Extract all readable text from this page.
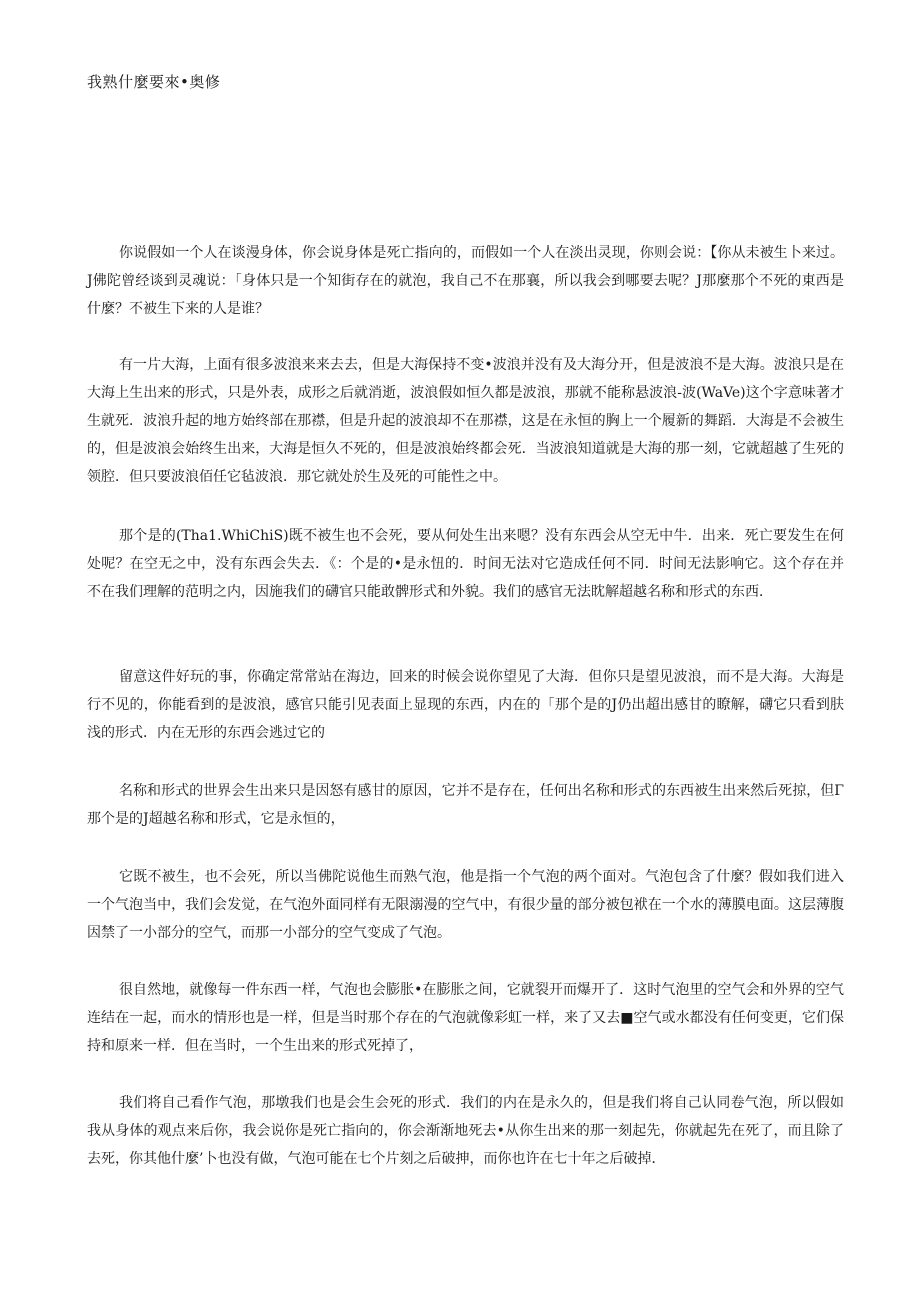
我熟什麼要來•奥修

你说假如一个人在谈漫身体，你会说身体是死亡指向的，而假如一个人在淡出灵现，你则会说：【你从未被生卜来过。J佛陀曾经谈到灵魂说：「身体只是一个知街存在的就泡，我自己不在那襄，所以我会到哪要去呢？J那麼那个不死的東西是什麼？不被生下来的人是谁？

有一片大海，上面有很多波浪来来去去，但是大海保持不变•波浪并没有及大海分开，但是波浪不是大海。波浪只是在大海上生出来的形式，只是外表，成形之后就消逝，波浪假如恒久都是波浪，那就不能称悬波浪-波(WaVe)这个字意味著才生就死．波浪升起的地方始终部在那襟，但是升起的波浪却不在那襟，这是在永恒的胸上一个履新的舞蹈．大海是不会被生的，但是波浪会始终生出来，大海是恒久不死的，但是波浪始终都会死．当波浪知道就是大海的那一刻，它就超越了生死的领腔．但只要波浪佰任它毡波浪．那它就处於生及死的可能性之中。

那个是的(Tha1.WhiChiS)既不被生也不会死，要从何处生出来嗯？没有东西会从空无中牛．出来．死亡要发生在何处呢？在空无之中，没有东西会失去．《：个是的•是永忸的．时间无法对它造成任何不同．时间无法影响它。这个存在并不在我们理解的范明之内，因施我们的礴官只能敢髀形式和外貌。我们的感官无法眈解超越名称和形式的东西．

留意这件好玩的事，你确定常常站在海边，回来的时候会说你望见了大海．但你只是望见波浪，而不是大海。大海是行不见的，你能看到的是波浪，感官只能引见表面上显现的东西，内在的「那个是的J仍出超出感甘的瞭解，礴它只看到肤浅的形式．内在无形的东西会逃过它的

名称和形式的世界会生出来只是因怒有感甘的原因，它并不是存在，任何出名称和形式的东西被生出来然后死掠，但Γ那个是的J超越名称和形式，它是永恒的，

它既不被生，也不会死，所以当佛陀说他生而熟气泡，他是指一个气泡的两个面对。气泡包含了什麼？假如我们进入一个气泡当中，我们会发觉，在气泡外面同样有无限溺漫的空气中，有很少量的部分被包袱在一个水的薄膜电面。这层薄腹因禁了一小部分的空气，而那一小部分的空气变成了气泡。

很自然地，就像每一件东西一样，气泡也会膨胀•在膨胀之间，它就裂开而爆开了．这时气泡里的空气会和外界的空气连结在一起，而水的情形也是一样，但是当时那个存在的气泡就像彩虹一样，来了又去■空气或水都没有任何变更，它们保持和原来一样．但在当时，一个生出来的形式死掉了，

我们将自己看作气泡，那墩我们也是会生会死的形式．我们的内在是永久的，但是我们将自己认同卷气泡，所以假如我从身体的观点来后你，我会说你是死亡指向的，你会渐渐地死去•从你生出来的那一刻起先，你就起先在死了，而且除了去死，你其他什麼’卜也没有做，气泡可能在七个片刻之后破抻，而你也许在七十年之后破掉．
